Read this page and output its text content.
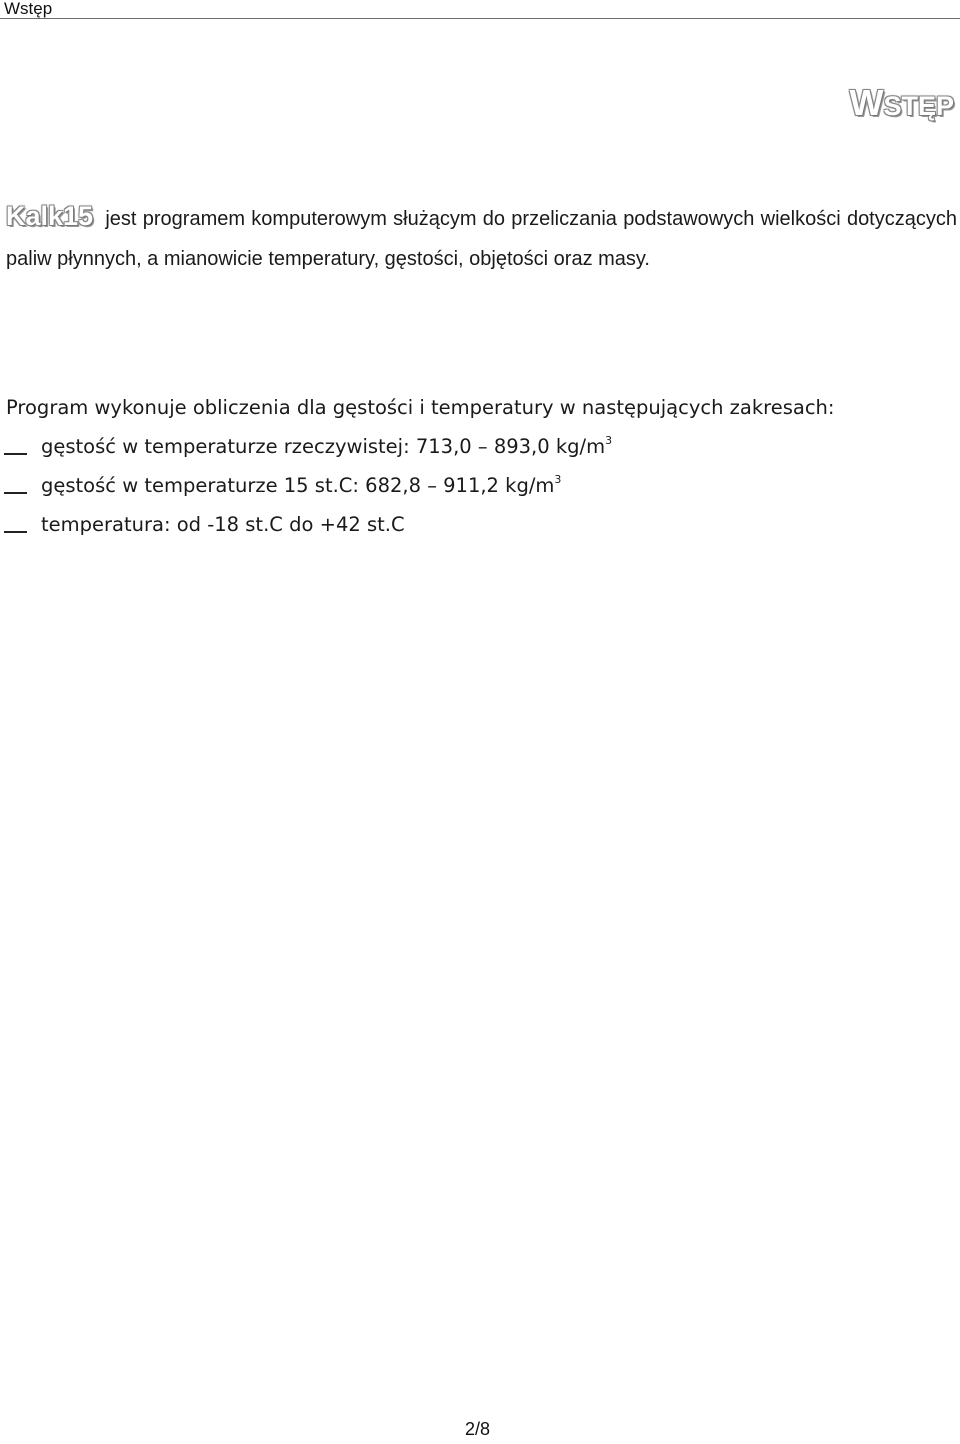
Wstęp
WSTĘP

Kalk15 jest programem komputerowym służącym do przeliczania podstawowych wielkości dotyczących paliw płynnych, a mianowicie temperatury, gęstości, objętości oraz masy.

Program wykonuje obliczenia dla gęstości i temperatury w następujących zakresach:

gęstość w temperaturze rzeczywistej: 713,0 – 893,0 $kg/m^3$
gęstość w temperaturze 15 st.C: 682,8 – 911,2 $kg/m^3$
temperatura: od -18 st.C do +42 st.C
2/8
